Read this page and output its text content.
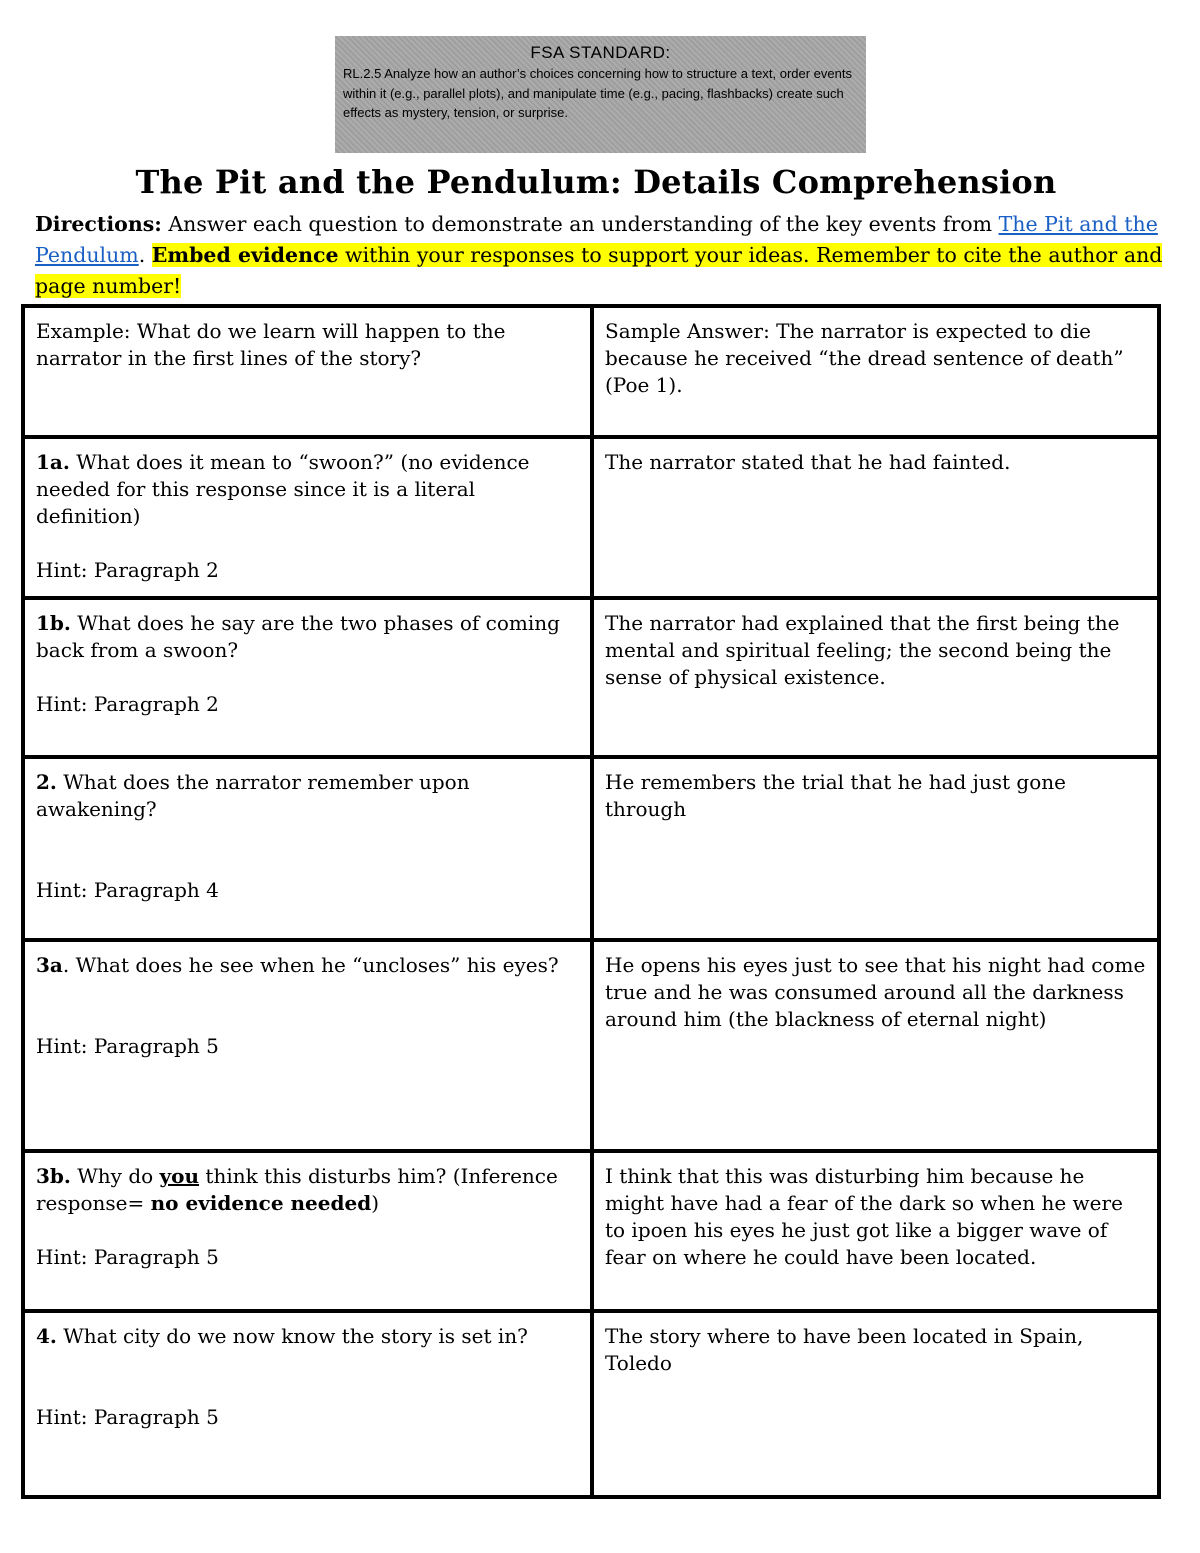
FSA STANDARD:

RL.2.5 Analyze how an author’s choices concerning how to structure a text, order events within it (e.g., parallel plots), and manipulate time (e.g., pacing, flashbacks) create such effects as mystery, tension, or surprise.

The Pit and the Pendulum: Details Comprehension

Directions: Answer each question to demonstrate an understanding of the key events from The Pit and the Pendulum. Embed evidence within your responses to support your ideas. Remember to cite the author and page number!

Example: What do we learn will happen to the narrator in the first lines of the story?	Sample Answer: The narrator is expected to die because he received “the dread sentence of death” (Poe 1).

1a. What does it mean to “swoon?” (no evidence needed for this response since it is a literal definition)

Hint: Paragraph 2	The narrator stated that he had fainted.

1b. What does he say are the two phases of coming back from a swoon?

Hint: Paragraph 2	The narrator had explained that the first being the mental and spiritual feeling; the second being the sense of physical existence.

2. What does the narrator remember upon awakening?

Hint: Paragraph 4	He remembers the trial that he had just gone through

3a. What does he see when he “uncloses” his eyes?

Hint: Paragraph 5	He opens his eyes just to see that his night had come true and he was consumed around all the darkness around him (the blackness of eternal night)

3b. Why do you think this disturbs him? (Inference response= no evidence needed)

Hint: Paragraph 5	I think that this was disturbing him because he might have had a fear of the dark so when he were to ipoen his eyes he just got like a bigger wave of fear on where he could have been located.

4. What city do we now know the story is set in?

Hint: Paragraph 5	The story where to have been located in Spain, Toledo
